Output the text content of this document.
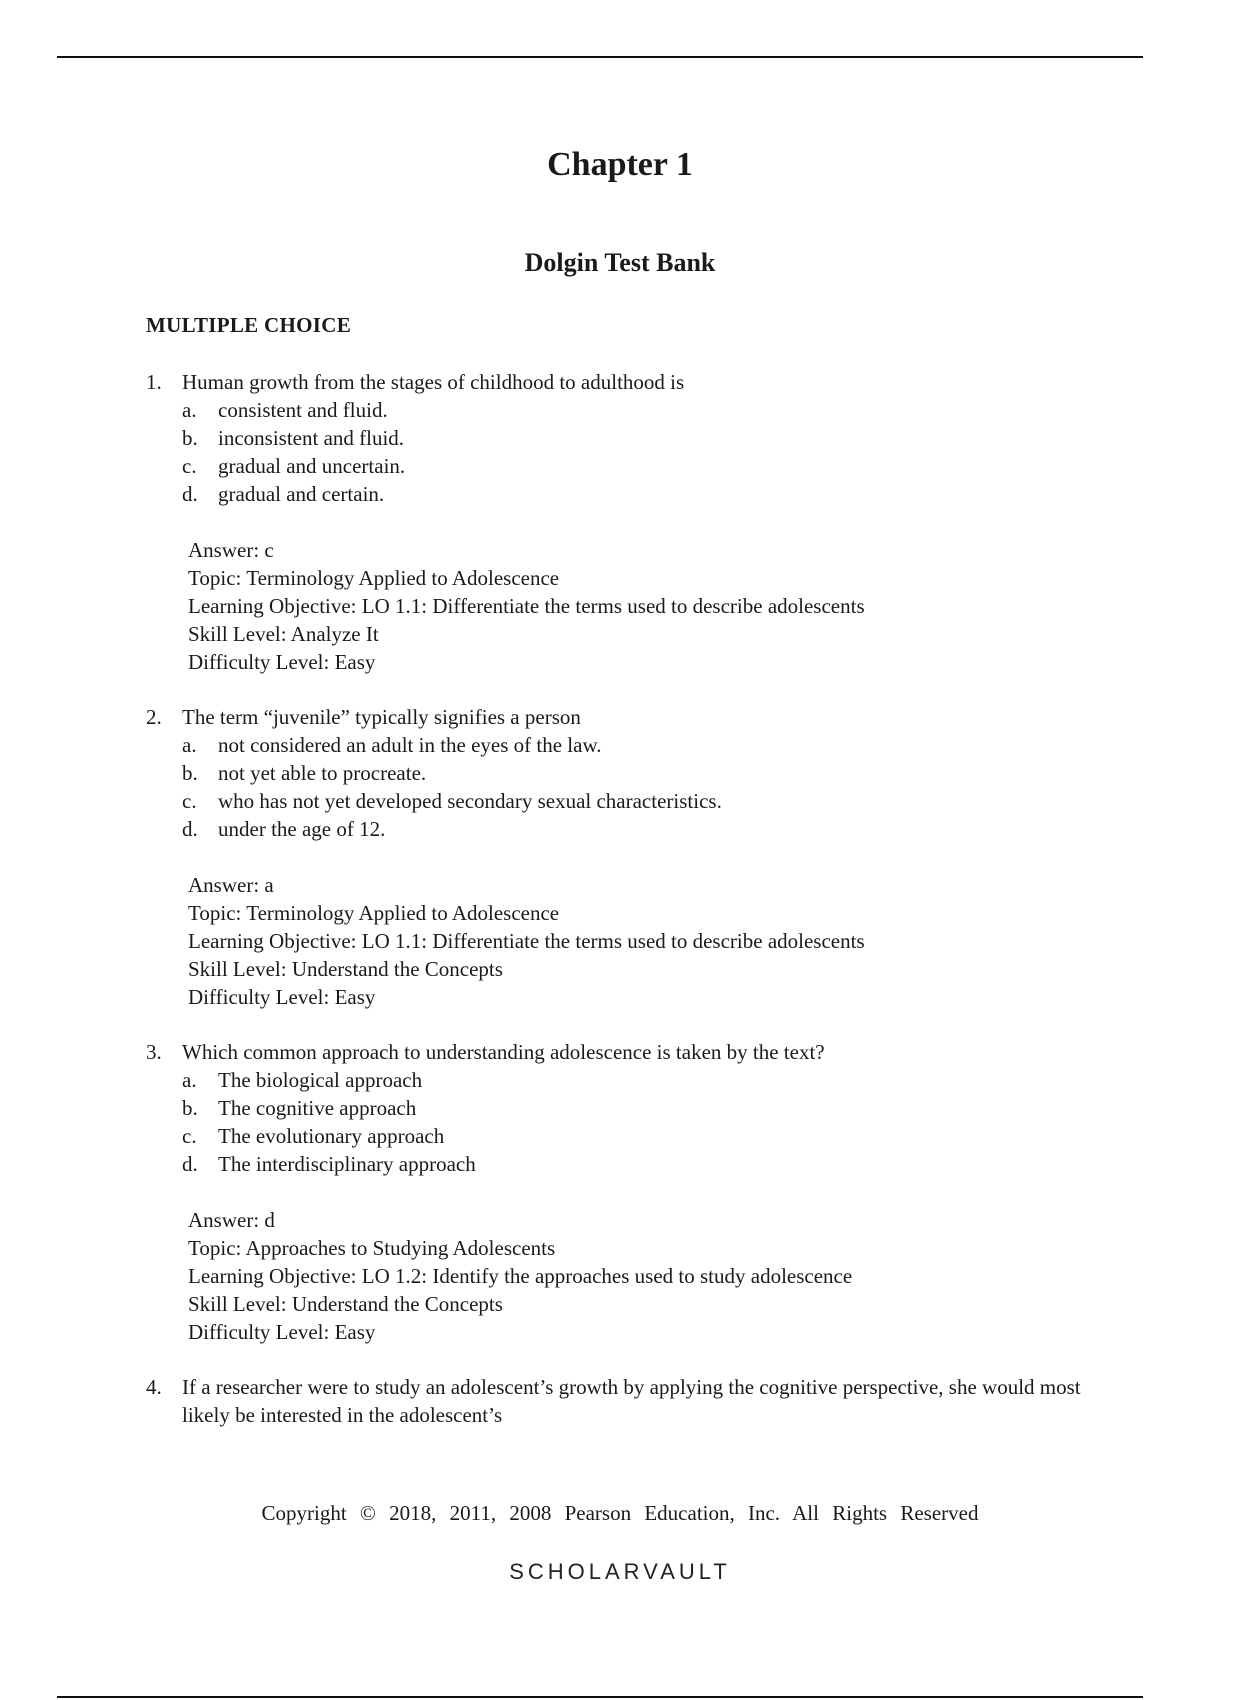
Chapter 1
Dolgin Test Bank
MULTIPLE CHOICE
1. Human growth from the stages of childhood to adulthood is
a.	consistent and fluid.
b. inconsistent and fluid.
c.	gradual and uncertain.
d. gradual and certain.
Answer: c
Topic: Terminology Applied to Adolescence
Learning Objective: LO 1.1: Differentiate the terms used to describe adolescents
Skill Level: Analyze It
Difficulty Level: Easy
2. The term “juvenile” typically signifies a person
a.	not considered an adult in the eyes of the law.
b. not yet able to procreate.
c.	who has not yet developed secondary sexual characteristics.
d. under the age of 12.
Answer: a
Topic: Terminology Applied to Adolescence
Learning Objective: LO 1.1: Differentiate the terms used to describe adolescents
Skill Level: Understand the Concepts
Difficulty Level: Easy
3. Which common approach to understanding adolescence is taken by the text?
a.	The biological approach
b. The cognitive approach
c.	The evolutionary approach
d. The interdisciplinary approach
Answer: d
Topic: Approaches to Studying Adolescents
Learning Objective: LO 1.2: Identify the approaches used to study adolescence
Skill Level: Understand the Concepts
Difficulty Level: Easy
4. If a researcher were to study an adolescent’s growth by applying the cognitive perspective, she would most likely be interested in the adolescent’s
Copyright © 2018, 2011, 2008 Pearson Education, Inc. All Rights Reserved
SCHOLARVAULT
